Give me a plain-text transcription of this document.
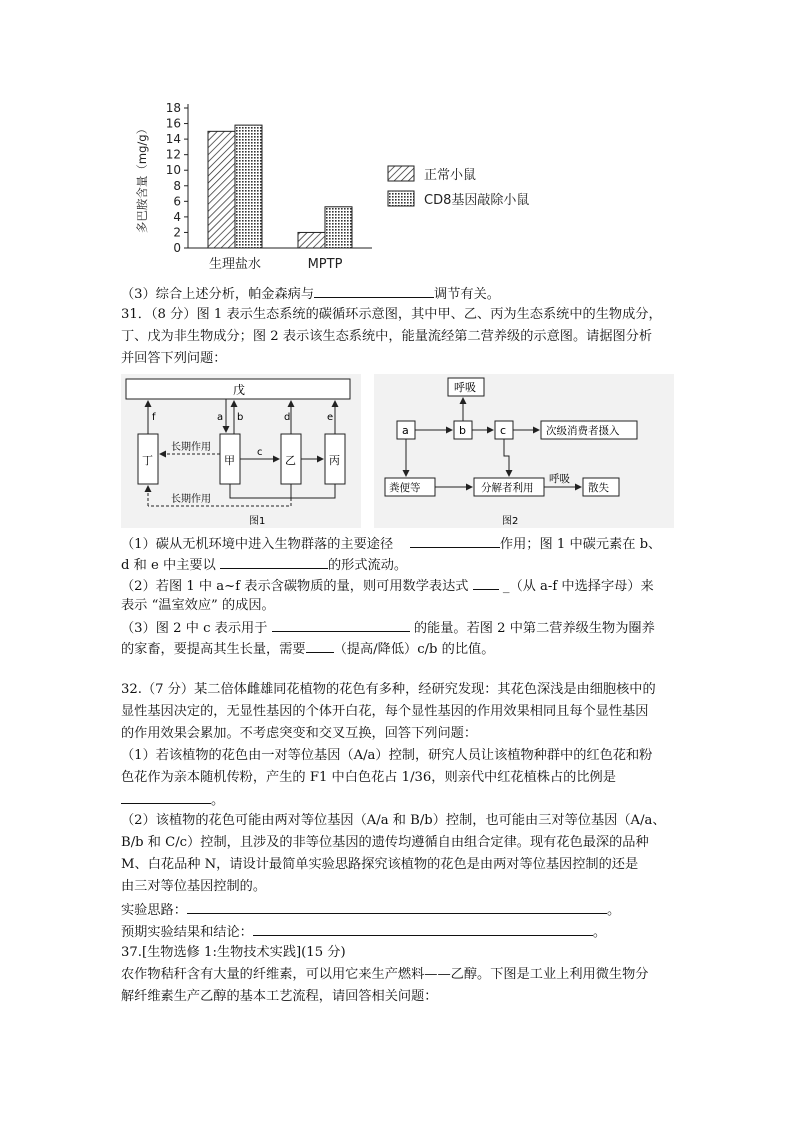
0
2
4
6
8
10
12
14
16
18
多巴胺含量（mg/g）
生理盐水	MPTP
正常小鼠
CD8基因敲除小鼠
（3）综合上述分析，帕金森病与	调节有关。
31．（8 分）图 1 表示生态系统的碳循环示意图，其中甲、乙、丙为生态系统中的生物成分，
丁、戊为非生物成分；图 2 表示该生态系统中，能量流经第二营养级的示意图。请据图分析
并回答下列问题：
戊
丁	甲	乙	丙
f	a b	d	e
c
长期作用
长期作用
图1
呼吸
a	b	c	次级消费者摄入
粪便等	分解者利用	散失
呼吸
图2
（1）碳从无机环境中进入生物群落的主要途径	作用；图 1 中碳元素在 b、
d 和 e 中主要以	的形式流动。
（2）若图 1 中 a~f 表示含碳物质的量，则可用数学表达式	_（从 a-f 中选择字母）来
表示 “温室效应” 的成因。
（3）图 2 中 c 表示用于	的能量。若图 2 中第二营养级生物为圈养
的家畜，要提高其生长量，需要 （提高/降低）c/b 的比值。
32.（7 分）某二倍体雌雄同花植物的花色有多种，经研究发现：其花色深浅是由细胞核中的
显性基因决定的，无显性基因的个体开白花，每个显性基因的作用效果相同且每个显性基因
的作用效果会累加。不考虑突变和交叉互换，回答下列问题：
（1）若该植物的花色由一对等位基因（A/a）控制，研究人员让该植物种群中的红色花和粉
色花作为亲本随机传粉，产生的 F1 中白色花占 1/36，则亲代中红花植株占的比例是
。
（2）该植物的花色可能由两对等位基因（A/a 和 B/b）控制，也可能由三对等位基因（A/a、
B/b 和 C/c）控制，且涉及的非等位基因的遗传均遵循自由组合定律。现有花色最深的品种
M、白花品种 N，请设计最简单实验思路探究该植物的花色是由两对等位基因控制的还是
由三对等位基因控制的。
实验思路：	。
预期实验结果和结论：	。
37.[生物选修 1:生物技术实践](15 分)
农作物秸秆含有大量的纤维素，可以用它来生产燃料——乙醇。下图是工业上利用微生物分
解纤维素生产乙醇的基本工艺流程，请回答相关问题：
